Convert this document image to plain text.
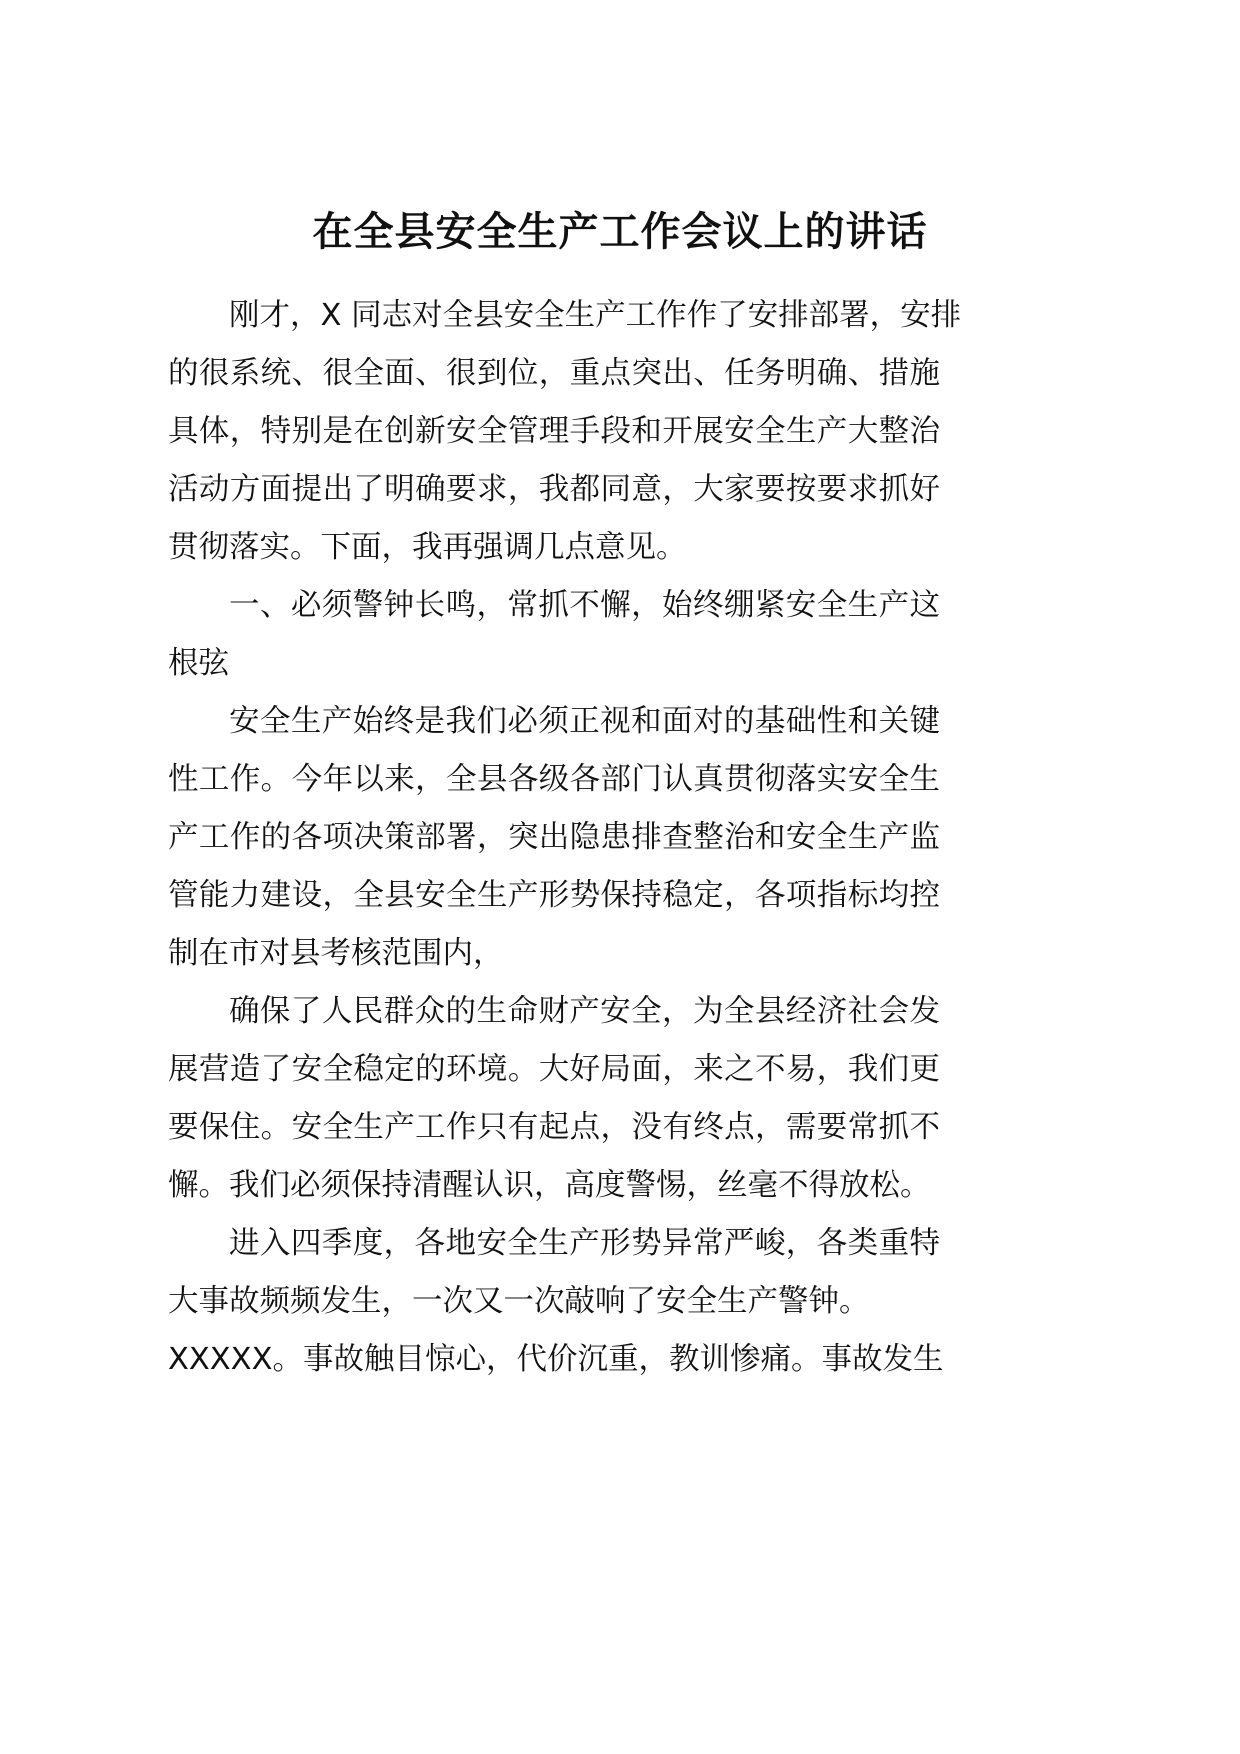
在全县安全生产工作会议上的讲话
刚才，X 同志对全县安全生产工作作了安排部署，安排
的很系统、很全面、很到位，重点突出、任务明确、措施
具体，特别是在创新安全管理手段和开展安全生产大整治
活动方面提出了明确要求，我都同意，大家要按要求抓好
贯彻落实。下面，我再强调几点意见。
一、必须警钟长鸣，常抓不懈，始终绷紧安全生产这
根弦
安全生产始终是我们必须正视和面对的基础性和关键
性工作。今年以来，全县各级各部门认真贯彻落实安全生
产工作的各项决策部署，突出隐患排查整治和安全生产监
管能力建设，全县安全生产形势保持稳定，各项指标均控
制在市对县考核范围内，
确保了人民群众的生命财产安全，为全县经济社会发
展营造了安全稳定的环境。大好局面，来之不易，我们更
要保住。安全生产工作只有起点，没有终点，需要常抓不
懈。我们必须保持清醒认识，高度警惕，丝毫不得放松。
进入四季度，各地安全生产形势异常严峻，各类重特
大事故频频发生，一次又一次敲响了安全生产警钟。
XXXXX。事故触目惊心，代价沉重，教训惨痛。事故发生
